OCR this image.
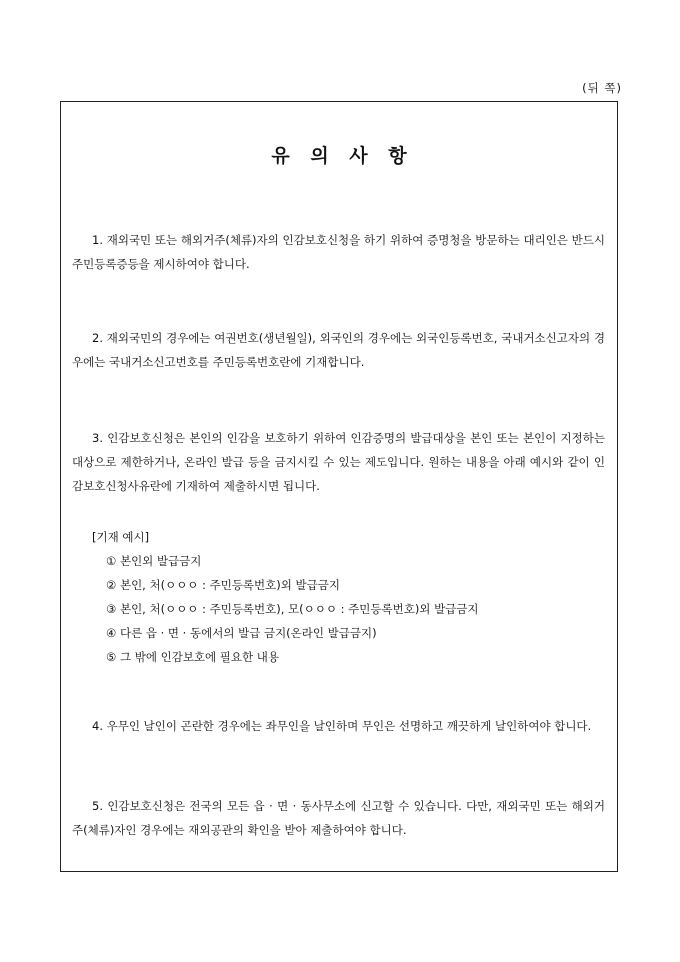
(뒤 쪽)
유 의 사 항
1. 재외국민 또는 해외거주(체류)자의 인감보호신청을 하기 위하여 증명청을 방문하는 대리인은 반드시 주민등록증등을 제시하여야 합니다.
2. 재외국민의 경우에는 여권번호(생년월일), 외국인의 경우에는 외국인등록번호, 국내거소신고자의 경우에는 국내거소신고번호를 주민등록번호란에 기재합니다.
3. 인감보호신청은 본인의 인감을 보호하기 위하여 인감증명의 발급대상을 본인 또는 본인이 지정하는 대상으로 제한하거나, 온라인 발급 등을 금지시킬 수 있는 제도입니다. 원하는 내용을 아래 예시와 같이 인감보호신청사유란에 기재하여 제출하시면 됩니다.
[기재 예시]
① 본인외 발급금지
② 본인, 처(ㅇㅇㅇ : 주민등록번호)외 발급금지
③ 본인, 처(ㅇㅇㅇ : 주민등록번호), 모(ㅇㅇㅇ : 주민등록번호)외 발급금지
④ 다른 읍 · 면 · 동에서의 발급 금지(온라인 발급금지)
⑤ 그 밖에 인감보호에 필요한 내용
4. 우무인 날인이 곤란한 경우에는 좌무인을 날인하며 무인은 선명하고 깨끗하게 날인하여야 합니다.
5. 인감보호신청은 전국의 모든 읍 · 면 · 동사무소에 신고할 수 있습니다. 다만, 재외국민 또는 해외거주(체류)자인 경우에는 재외공관의 확인을 받아 제출하여야 합니다.
